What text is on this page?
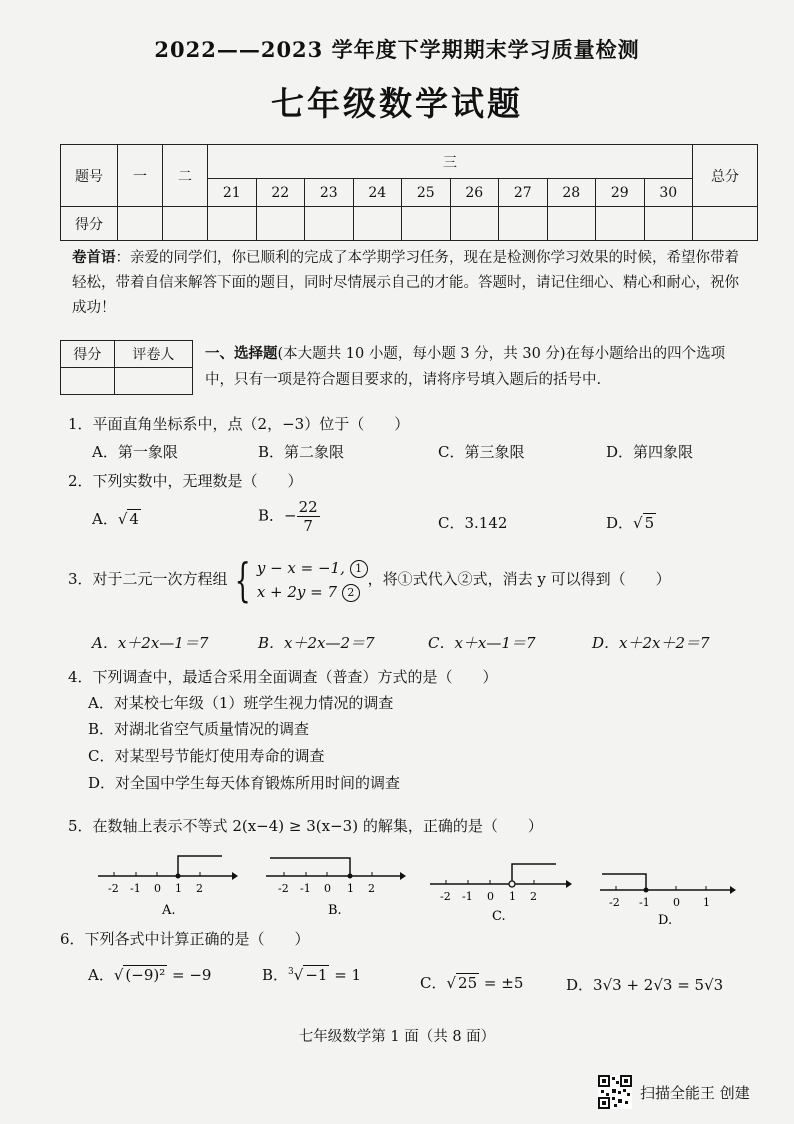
2022——2023 学年度下学期期末学习质量检测
七年级数学试题
题号	一	二	三										总分
			21	22	23	24	25	26	27	28	29	30	
得分													
卷首语：亲爱的同学们，你已顺利的完成了本学期学习任务，现在是检测你学习效果的时候，希望你带着轻松，带着自信来解答下面的题目，同时尽情展示自己的才能。答题时，请记住细心、精心和耐心，祝你成功！
得分	评卷人
	一、选择题(本大题共 10 小题，每小题 3 分，共 30 分)在每小题给出的四个选项中，只有一项是符合题目要求的，请将序号填入题后的括号中.
1．平面直角坐标系中，点（2，−3）位于（　　）
A．第一象限	B．第二象限	C．第三象限	D．第四象限
2．下列实数中，无理数是（　　）
A．√ 4	B．− $\frac{22}{7}$	C．3.142	D．√ 5
3．对于二元一次方程组 { y − x = −1, 1
x + 2y = 7 2，将①式代入②式，消去 y 可以得到（　　）
A．x＋2x—1＝7	B．x＋2x—2＝7	C．x＋x—1＝7	D．x＋2x＋2＝7
4．下列调查中，最适合采用全面调查（普查）方式的是（　　）
A．对某校七年级（1）班学生视力情况的调查
B．对湖北省空气质量情况的调查
C．对某型号节能灯使用寿命的调查
D．对全国中学生每天体育锻炼所用时间的调查
5．在数轴上表示不等式 2(x−4) ≥ 3(x−3) 的解集，正确的是（　　）
-2 -1 0 1 2
A.
-2 -1 0 1 2
B.
-2 -1 0 1 2
C.
-2 -1 0 1
D.
6．下列各式中计算正确的是（　　）
A．√ (−9)² = −9	B．$^3$√ −1 = 1	C．√ 25 = ±5	D．3√3 + 2√3 = 5√3
七年级数学第 1 面（共 8 面）
扫描全能王 创建
